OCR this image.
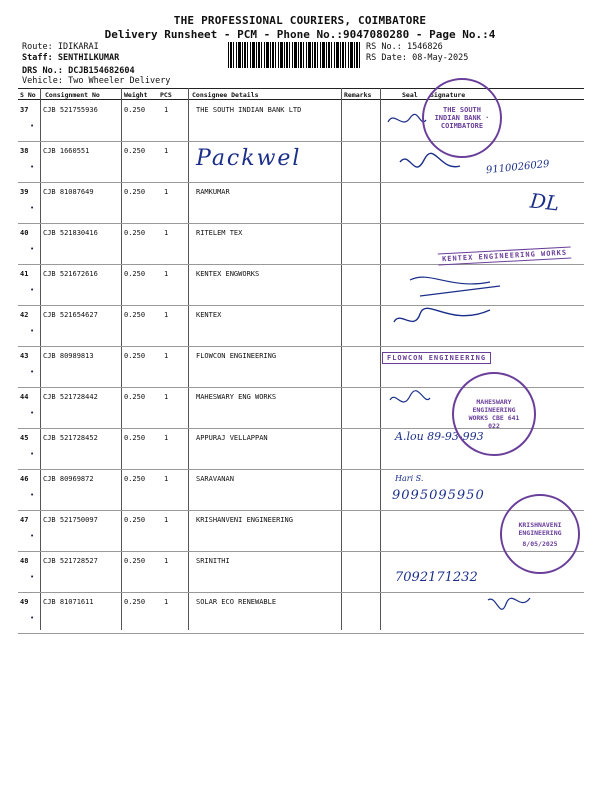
THE PROFESSIONAL COURIERS, COIMBATORE
Delivery Runsheet - PCM - Phone No.:9047080280 - Page No.:4
Route: IDIKARAI
Staff: SENTHILKUMAR
DRS No.: DCJB154682604
Vehicle: Two Wheeler Delivery
RS No.: 1546826
RS Date: 08-May-2025
S No Consignment No	Weight PCS	Consignee Details	Remarks	Seal Signature
37 CJB 521755936	0.250	1	THE SOUTH INDIAN BANK LTD
•
38 CJB 1660551	0.250	1
•
39 CJB 81087649	0.250	1	RAMKUMAR
•
40 CJB 521830416	0.250	1	RITELEM TEX
•
41 CJB 521672616	0.250	1	KENTEX ENGWORKS
•
42 CJB 521654627	0.250	1	KENTEX
•
43 CJB 80989813	0.250	1	FLOWCON ENGINEERING
•
44 CJB 521728442	0.250	1	MAHESWARY ENG WORKS
•
45 CJB 521728452	0.250	1	APPURAJ VELLAPPAN
•
46 CJB 80969872	0.250	1	SARAVANAN
•
47 CJB 521750097	0.250	1	KRISHANVENI ENGINEERING
•
48 CJB 521728527	0.250	1	SRINITHI
•
49 CJB 81071611	0.250	1	SOLAR ECO RENEWABLE
•
Packwel	9110026029
DL
A.lou 89-93-993
Hari S.
9095095950
7092171232
THE SOUTH INDIAN BANK · COIMBATORE
KENTEX ENGINEERING WORKS
FLOWCON ENGINEERING
MAHESWARY ENGINEERING WORKS CBE 641 022
KRISHNAVENI ENGINEERING
8/05/2025
